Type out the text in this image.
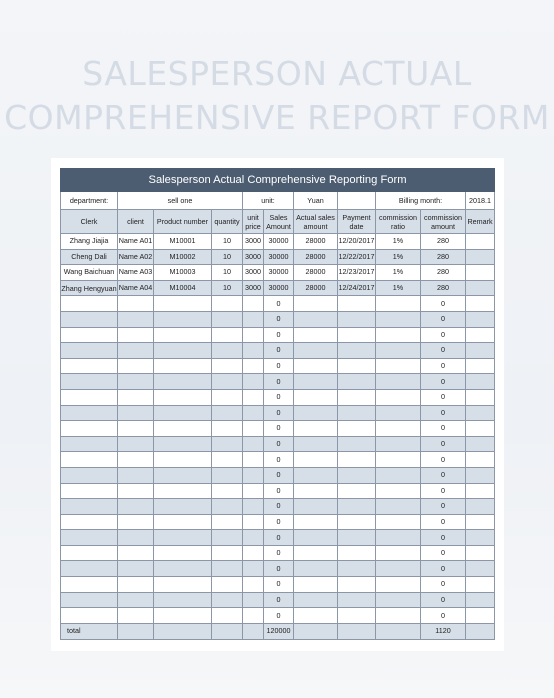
SALESPERSON ACTUAL
COMPREHENSIVE REPORT FORM
Salesperson Actual Comprehensive Reporting Form										
department:	sell one			unit:		Yuan		Billing month:		2018.1
Clerk	client	Product number	quantity	unit price	Sales Amount	Actual sales amount	Payment date	commission ratio	commission amount	Remark
Zhang Jiajia	Name A01	M10001	10	3000	30000	28000	12/20/2017	1%	280	
Cheng Dali	Name A02	M10002	10	3000	30000	28000	12/22/2017	1%	280	
Wang Baichuan	Name A03	M10003	10	3000	30000	28000	12/23/2017	1%	280	
Zhang Hengyuan	Name A04	M10004	10	3000	30000	28000	12/24/2017	1%	280	
					0				0	
					0				0	
					0				0	
					0				0	
					0				0	
					0				0	
					0				0	
					0				0	
					0				0	
					0				0	
					0				0	
					0				0	
					0				0	
					0				0	
					0				0	
					0				0	
					0				0	
					0				0	
					0				0	
					0				0	
					0				0	
total					120000				1120	
